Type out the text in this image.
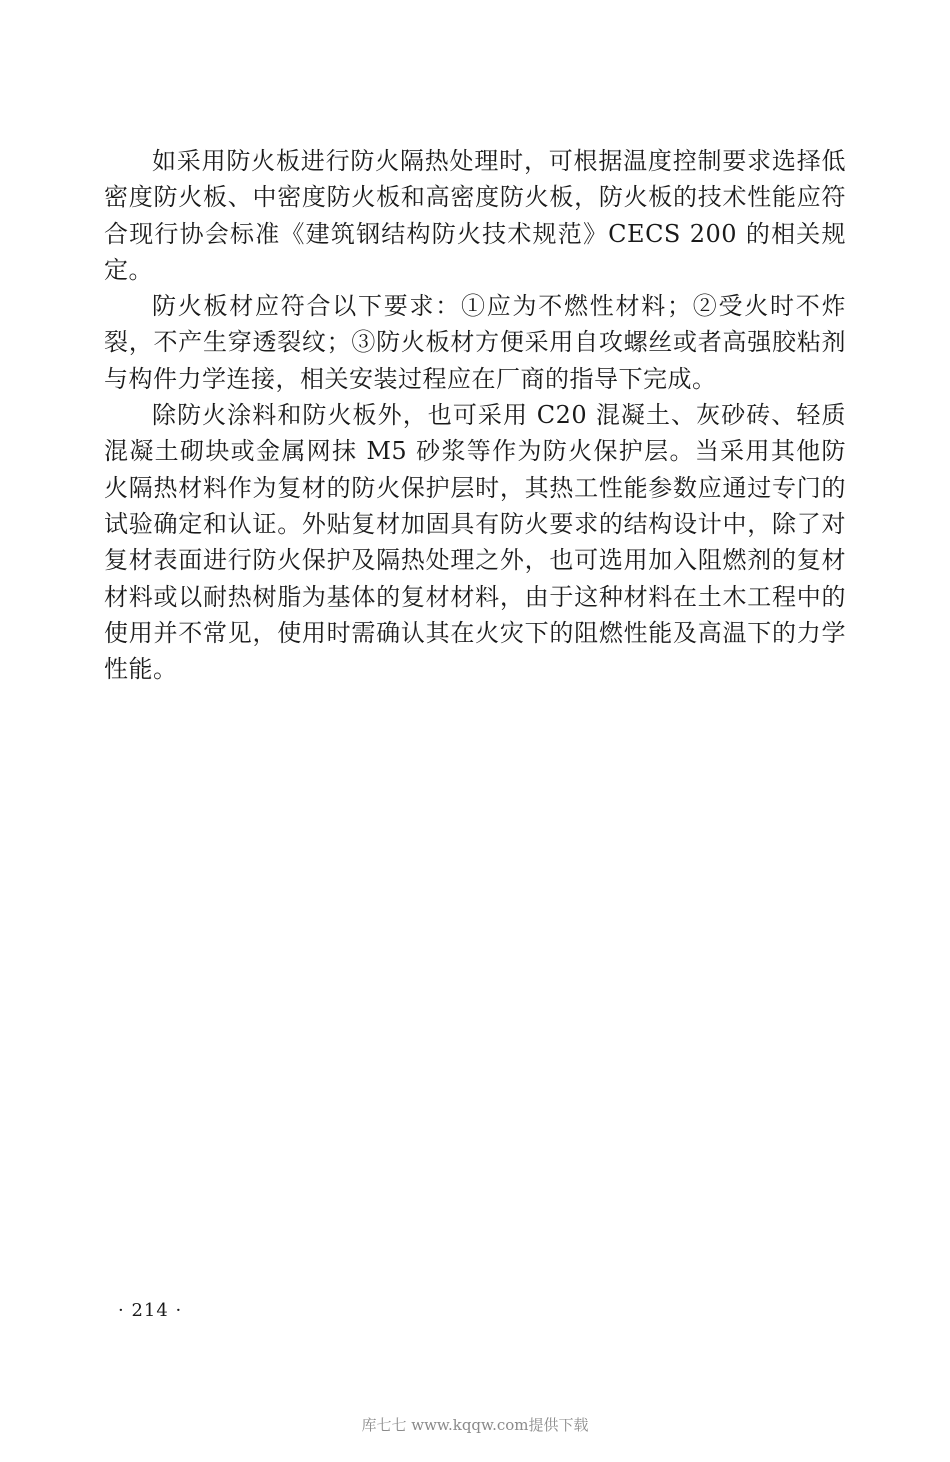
如采用防火板进行防火隔热处理时，可根据温度控制要求选择低密度防火板、中密度防火板和高密度防火板，防火板的技术性能应符合现行协会标准《建筑钢结构防火技术规范》CECS 200 的相关规定。

防火板材应符合以下要求：①应为不燃性材料；②受火时不炸裂，不产生穿透裂纹；③防火板材方便采用自攻螺丝或者高强胶粘剂与构件力学连接，相关安装过程应在厂商的指导下完成。

除防火涂料和防火板外，也可采用 C20 混凝土、灰砂砖、轻质混凝土砌块或金属网抹 M5 砂浆等作为防火保护层。当采用其他防火隔热材料作为复材的防火保护层时，其热工性能参数应通过专门的试验确定和认证。外贴复材加固具有防火要求的结构设计中，除了对复材表面进行防火保护及隔热处理之外，也可选用加入阻燃剂的复材材料或以耐热树脂为基体的复材材料，由于这种材料在土木工程中的使用并不常见，使用时需确认其在火灾下的阻燃性能及高温下的力学性能。

· 214 ·
库七七 www.kqqw.com提供下载
